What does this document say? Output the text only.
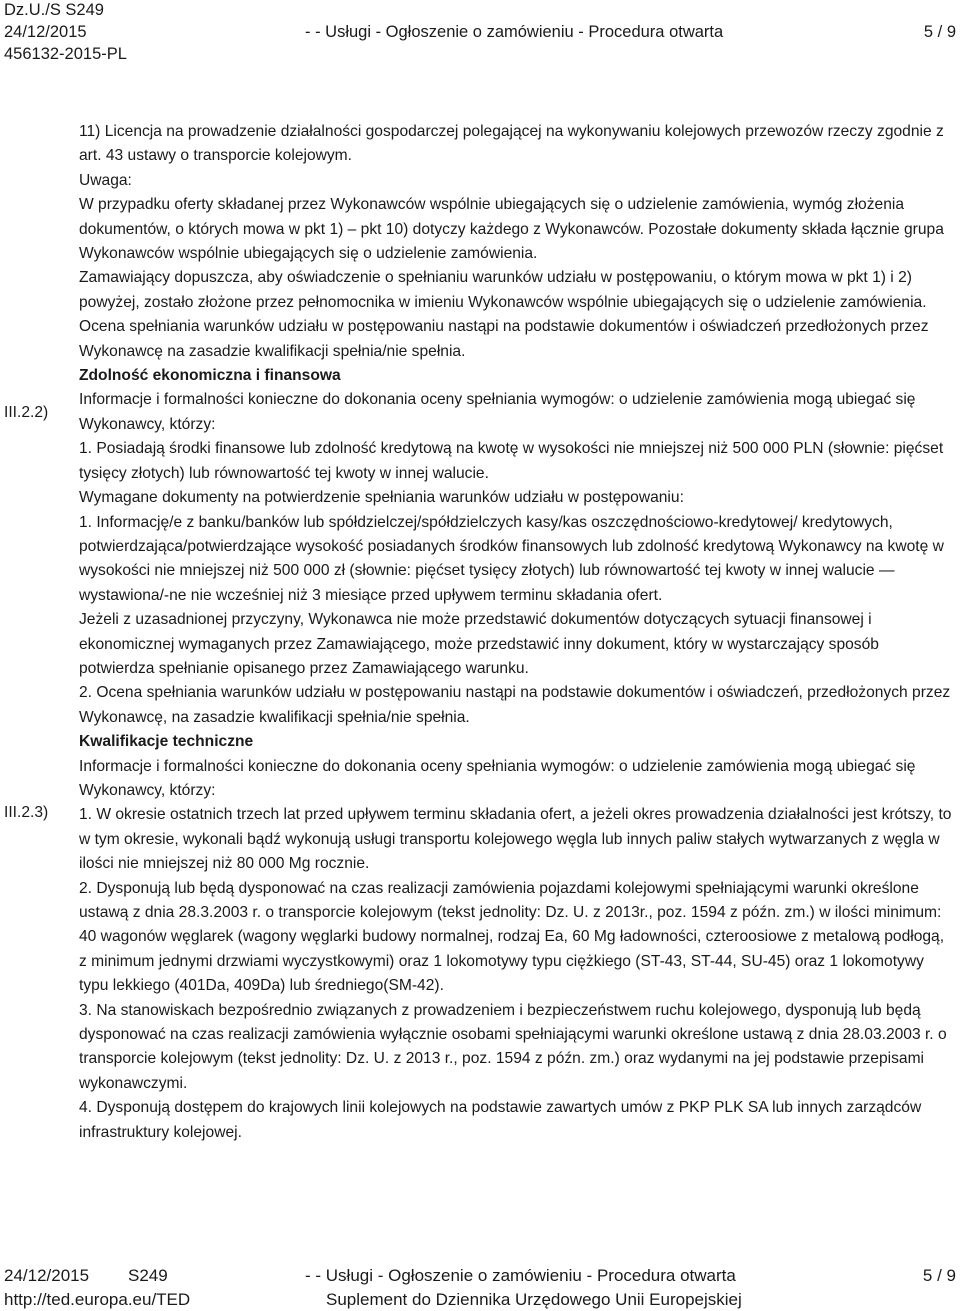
Dz.U./S S249
24/12/2015
456132-2015-PL
- - Usługi - Ogłoszenie o zamówieniu - Procedura otwarta	5 / 9
III.2.2)
III.2.3)

11) Licencja na prowadzenie działalności gospodarczej polegającej na wykonywaniu kolejowych przewozów rzeczy zgodnie z art. 43 ustawy o transporcie kolejowym.

Uwaga:

W przypadku oferty składanej przez Wykonawców wspólnie ubiegających się o udzielenie zamówienia, wymóg złożenia dokumentów, o których mowa w pkt 1) – pkt 10) dotyczy każdego z Wykonawców. Pozostałe dokumenty składa łącznie grupa Wykonawców wspólnie ubiegających się o udzielenie zamówienia.

Zamawiający dopuszcza, aby oświadczenie o spełnianiu warunków udziału w postępowaniu, o którym mowa w pkt 1) i 2) powyżej, zostało złożone przez pełnomocnika w imieniu Wykonawców wspólnie ubiegających się o udzielenie zamówienia.

Ocena spełniania warunków udziału w postępowaniu nastąpi na podstawie dokumentów i oświadczeń przedłożonych przez Wykonawcę na zasadzie kwalifikacji spełnia/nie spełnia.

Zdolność ekonomiczna i finansowa

Informacje i formalności konieczne do dokonania oceny spełniania wymogów: o udzielenie zamówienia mogą ubiegać się Wykonawcy, którzy:

1. Posiadają środki finansowe lub zdolność kredytową na kwotę w wysokości nie mniejszej niż 500 000 PLN (słownie: pięćset tysięcy złotych) lub równowartość tej kwoty w innej walucie.

Wymagane dokumenty na potwierdzenie spełniania warunków udziału w postępowaniu:

1. Informację/e z banku/banków lub spółdzielczej/spółdzielczych kasy/kas oszczędnościowo-kredytowej/ kredytowych, potwierdzająca/potwierdzające wysokość posiadanych środków finansowych lub zdolność kredytową Wykonawcy na kwotę w wysokości nie mniejszej niż 500 000 zł (słownie: pięćset tysięcy złotych) lub równowartość tej kwoty w innej walucie — wystawiona/-ne nie wcześniej niż 3 miesiące przed upływem terminu składania ofert.

Jeżeli z uzasadnionej przyczyny, Wykonawca nie może przedstawić dokumentów dotyczących sytuacji finansowej i ekonomicznej wymaganych przez Zamawiającego, może przedstawić inny dokument, który w wystarczający sposób potwierdza spełnianie opisanego przez Zamawiającego warunku.

2. Ocena spełniania warunków udziału w postępowaniu nastąpi na podstawie dokumentów i oświadczeń, przedłożonych przez Wykonawcę, na zasadzie kwalifikacji spełnia/nie spełnia.

Kwalifikacje techniczne

Informacje i formalności konieczne do dokonania oceny spełniania wymogów: o udzielenie zamówienia mogą ubiegać się Wykonawcy, którzy:

1. W okresie ostatnich trzech lat przed upływem terminu składania ofert, a jeżeli okres prowadzenia działalności jest krótszy, to w tym okresie, wykonali bądź wykonują usługi transportu kolejowego węgla lub innych paliw stałych wytwarzanych z węgla w ilości nie mniejszej niż 80 000 Mg rocznie.

2. Dysponują lub będą dysponować na czas realizacji zamówienia pojazdami kolejowymi spełniającymi warunki określone ustawą z dnia 28.3.2003 r. o transporcie kolejowym (tekst jednolity: Dz. U. z 2013r., poz. 1594 z późn. zm.) w ilości minimum: 40 wagonów węglarek (wagony węglarki budowy normalnej, rodzaj Ea, 60 Mg ładowności, czteroosiowe z metalową podłogą, z minimum jednymi drzwiami wyczystkowymi) oraz 1 lokomotywy typu ciężkiego (ST-43, ST-44, SU-45) oraz 1 lokomotywy typu lekkiego (401Da, 409Da) lub średniego(SM-42).

3. Na stanowiskach bezpośrednio związanych z prowadzeniem i bezpieczeństwem ruchu kolejowego, dysponują lub będą dysponować na czas realizacji zamówienia wyłącznie osobami spełniającymi warunki określone ustawą z dnia 28.03.2003 r. o transporcie kolejowym (tekst jednolity: Dz. U. z 2013 r., poz. 1594 z późn. zm.) oraz wydanymi na jej podstawie przepisami wykonawczymi.

4. Dysponują dostępem do krajowych linii kolejowych na podstawie zawartych umów z PKP PLK SA lub innych zarządców infrastruktury kolejowej.

24/12/2015 S249
http://ted.europa.eu/TED
- - Usługi - Ogłoszenie o zamówieniu - Procedura otwarta
Suplement do Dziennika Urzędowego Unii Europejskiej
5 / 9
